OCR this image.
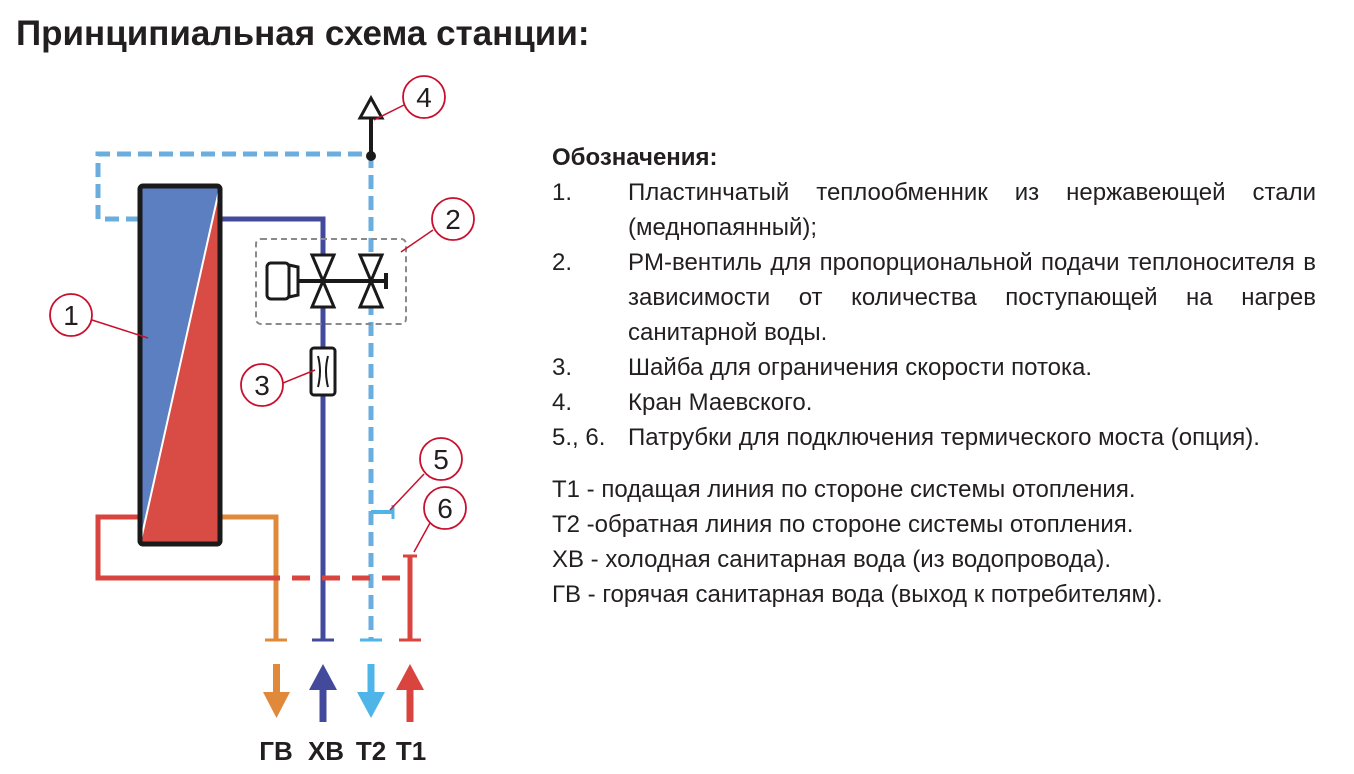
Принципиальная схема станции:
ГВ ХВ Т2 Т1
1
2
3
4
5
6
Обозначения:
1.	Пластинчатый теплообменник из нержавеющей стали (меднопаянный);
2.	PM-вентиль для пропорциональной подачи теплоносителя в зависимости от количества поступающей на нагрев санитарной воды.
3.	Шайба для ограничения скорости потока.
4.	Кран Маевского.
5., 6. Патрубки для подключения термического моста (опция).
Т1 - подащая линия по стороне системы отопления.
Т2 -обратная линия по стороне системы отопления.
ХВ - холодная санитарная вода (из водопровода).
ГВ - горячая санитарная вода (выход к потребителям).
